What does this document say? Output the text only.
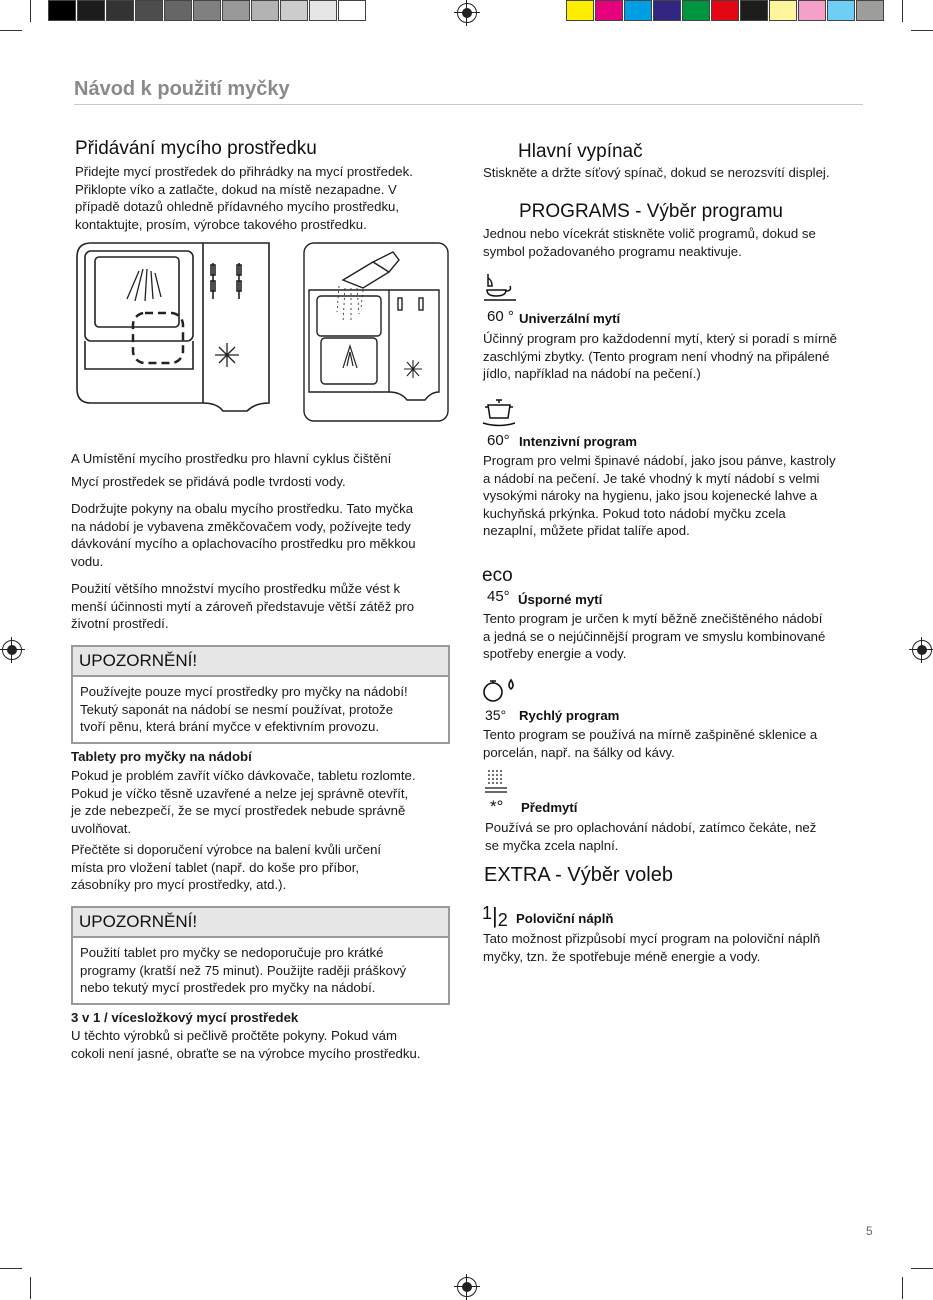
Návod k použití myčky
Přidávání mycího prostředku
Přidejte mycí prostředek do přihrádky na mycí prostředek.
Přiklopte víko a zatlačte, dokud na místě nezapadne. V
případě dotazů ohledně přídavného mycího prostředku,
kontaktujte, prosím, výrobce takového prostředku.
A Umístění mycího prostředku pro hlavní cyklus čištění
Mycí prostředek se přidává podle tvrdosti vody.
Dodržujte pokyny na obalu mycího prostředku. Tato myčka
na nádobí je vybavena změkčovačem vody, požívejte tedy
dávkování mycího a oplachovacího prostředku pro měkkou
vodu.
Použití většího množství mycího prostředku může vést k
menší účinnosti mytí a zároveň představuje větší zátěž pro
životní prostředí.
UPOZORNĚNÍ!
Používejte pouze mycí prostředky pro myčky na nádobí!
Tekutý saponát na nádobí se nesmí používat, protože
tvoří pěnu, která brání myčce v efektivním provozu.
Tablety pro myčky na nádobí
Pokud je problém zavřít víčko dávkovače, tabletu rozlomte.
Pokud je víčko těsně uzavřené a nelze jej správně otevřít,
je zde nebezpečí, že se mycí prostředek nebude správně
uvolňovat.
Přečtěte si doporučení výrobce na balení kvůli určení
místa pro vložení tablet (např. do koše pro příbor,
zásobníky pro mycí prostředky, atd.).
UPOZORNĚNÍ!
Použití tablet pro myčky se nedoporučuje pro krátké
programy (kratší než 75 minut). Použijte raději práškový
nebo tekutý mycí prostředek pro myčky na nádobí.
3 v 1 / vícesložkový mycí prostředek
U těchto výrobků si pečlivě pročtěte pokyny. Pokud vám
cokoli není jasné, obraťte se na výrobce mycího prostředku.
Hlavní vypínač
Stiskněte a držte síťový spínač, dokud se nerozsvítí displej.
PROGRAMS - Výběr programu
Jednou nebo vícekrát stiskněte volič programů, dokud se
symbol požadovaného programu neaktivuje.
60 ° Univerzální mytí
Účinný program pro každodenní mytí, který si poradí s mírně
zaschlými zbytky. (Tento program není vhodný na připálené
jídlo, například na nádobí na pečení.)
60° Intenzivní program
Program pro velmi špinavé nádobí, jako jsou pánve, kastroly
a nádobí na pečení. Je také vhodný k mytí nádobí s velmi
vysokými nároky na hygienu, jako jsou kojenecké lahve a
kuchyňská prkýnka. Pokud toto nádobí myčku zcela
nezaplní, můžete přidat talíře apod.
eco
45° Úsporné mytí
Tento program je určen k mytí běžně znečištěného nádobí
a jedná se o nejúčinnější program ve smyslu kombinované
spotřeby energie a vody.
35° Rychlý program
Tento program se používá na mírně zašpiněné sklenice a
porcelán, např. na šálky od kávy.
*° Předmytí
Používá se pro oplachování nádobí, zatímco čekáte, než
se myčka zcela naplní.
EXTRA - Výběr voleb
1|2 Poloviční náplň
Tato možnost přizpůsobí mycí program na poloviční náplň
myčky, tzn. že spotřebuje méně energie a vody.
5
